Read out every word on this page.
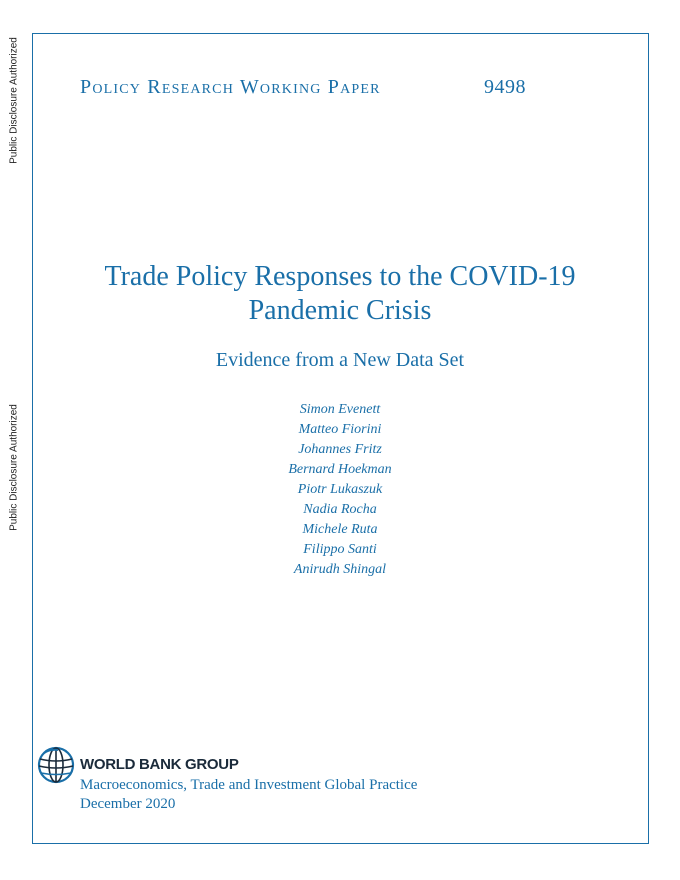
Public Disclosure Authorized
Public Disclosure Authorized
Policy Research Working Paper	9498
Trade Policy Responses to the COVID-19
Pandemic Crisis
Evidence from a New Data Set
Simon Evenett
Matteo Fiorini
Johannes Fritz
Bernard Hoekman
Piotr Lukaszuk
Nadia Rocha
Michele Ruta
Filippo Santi
Anirudh Shingal
WORLD BANK GROUP
Macroeconomics, Trade and Investment Global Practice
December 2020
